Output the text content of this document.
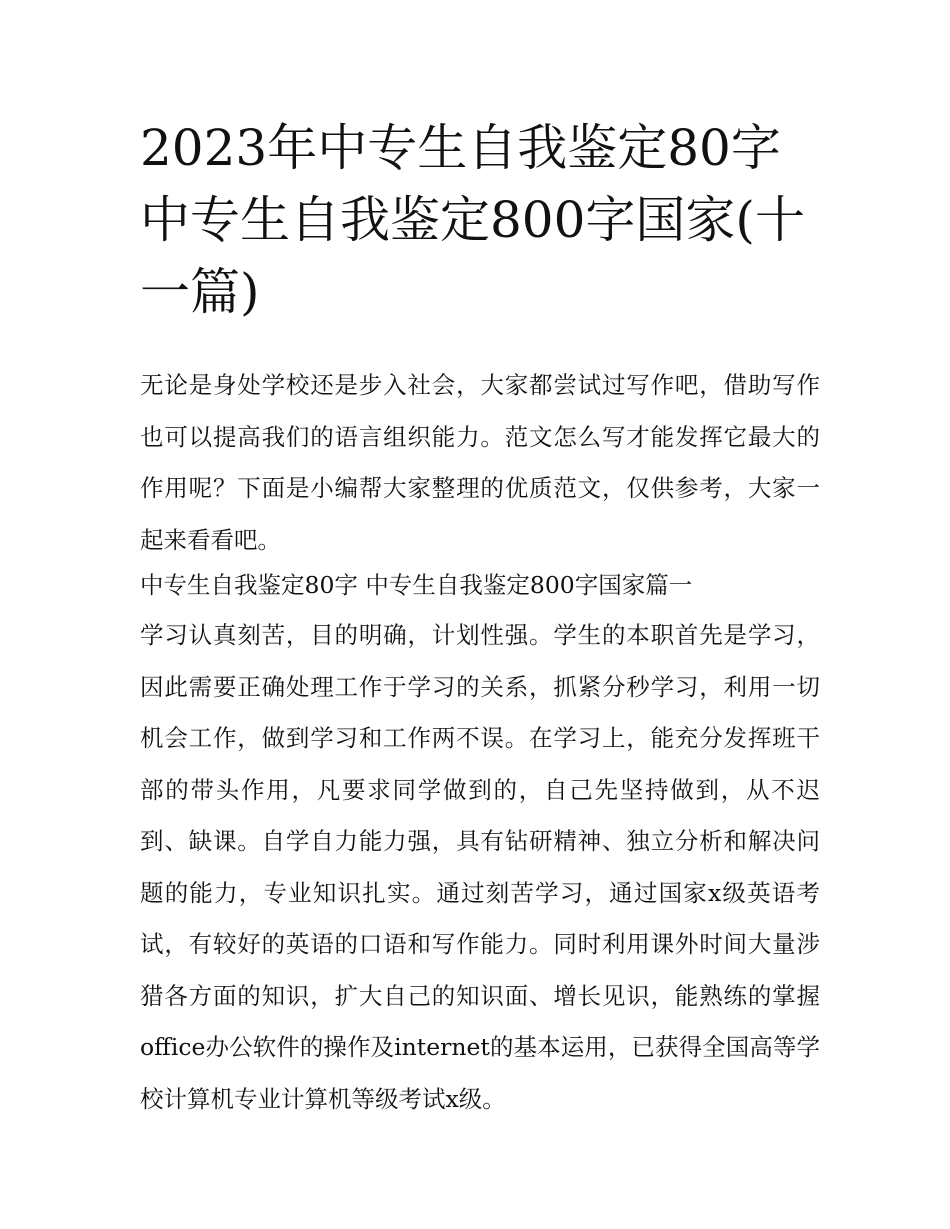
2023年中专生自我鉴定80字 中专生自我鉴定800字国家(十一篇)

无论是身处学校还是步入社会，大家都尝试过写作吧，借助写作也可以提高我们的语言组织能力。范文怎么写才能发挥它最大的作用呢？下面是小编帮大家整理的优质范文，仅供参考，大家一起来看看吧。

中专生自我鉴定80字 中专生自我鉴定800字国家篇一

学习认真刻苦，目的明确，计划性强。学生的本职首先是学习，因此需要正确处理工作于学习的关系，抓紧分秒学习，利用一切机会工作，做到学习和工作两不误。在学习上，能充分发挥班干部的带头作用，凡要求同学做到的，自己先坚持做到，从不迟到、缺课。自学自力能力强，具有钻研精神、独立分析和解决问题的能力，专业知识扎实。通过刻苦学习，通过国家x级英语考试，有较好的英语的口语和写作能力。同时利用课外时间大量涉猎各方面的知识，扩大自己的知识面、增长见识，能熟练的掌握office办公软件的操作及internet的基本运用，已获得全国高等学校计算机专业计算机等级考试x级。
